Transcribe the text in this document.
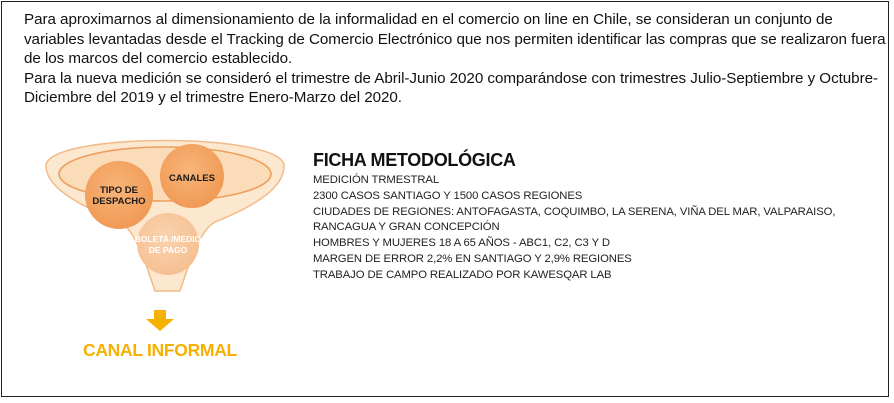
Para aproximarnos al dimensionamiento de la informalidad en el comercio on line en Chile, se consideran un conjunto de variables levantadas desde el Tracking de Comercio Electrónico que nos permiten identificar las compras que se realizaron fuera de los marcos del comercio establecido.

Para la nueva medición se consideró el trimestre de Abril-Junio 2020 comparándose con trimestres Julio-Septiembre y Octubre-Diciembre del 2019 y el trimestre Enero-Marzo del 2020.

TIPO DE DESPACHO
CANALES
BOLETA /MEDIO DE PAGO
CANAL INFORMAL
FICHA METODOLÓGICA
MEDICIÓN TRMESTRAL
2300 CASOS SANTIAGO Y 1500 CASOS REGIONES
CIUDADES DE REGIONES: ANTOFAGASTA, COQUIMBO, LA SERENA, VIÑA DEL MAR, VALPARAISO,
RANCAGUA Y GRAN CONCEPCIÓN
HOMBRES Y MUJERES 18 A 65 AÑOS - ABC1, C2, C3 Y D
MARGEN DE ERROR 2,2% EN SANTIAGO Y 2,9% REGIONES
TRABAJO DE CAMPO REALIZADO POR KAWESQAR LAB
